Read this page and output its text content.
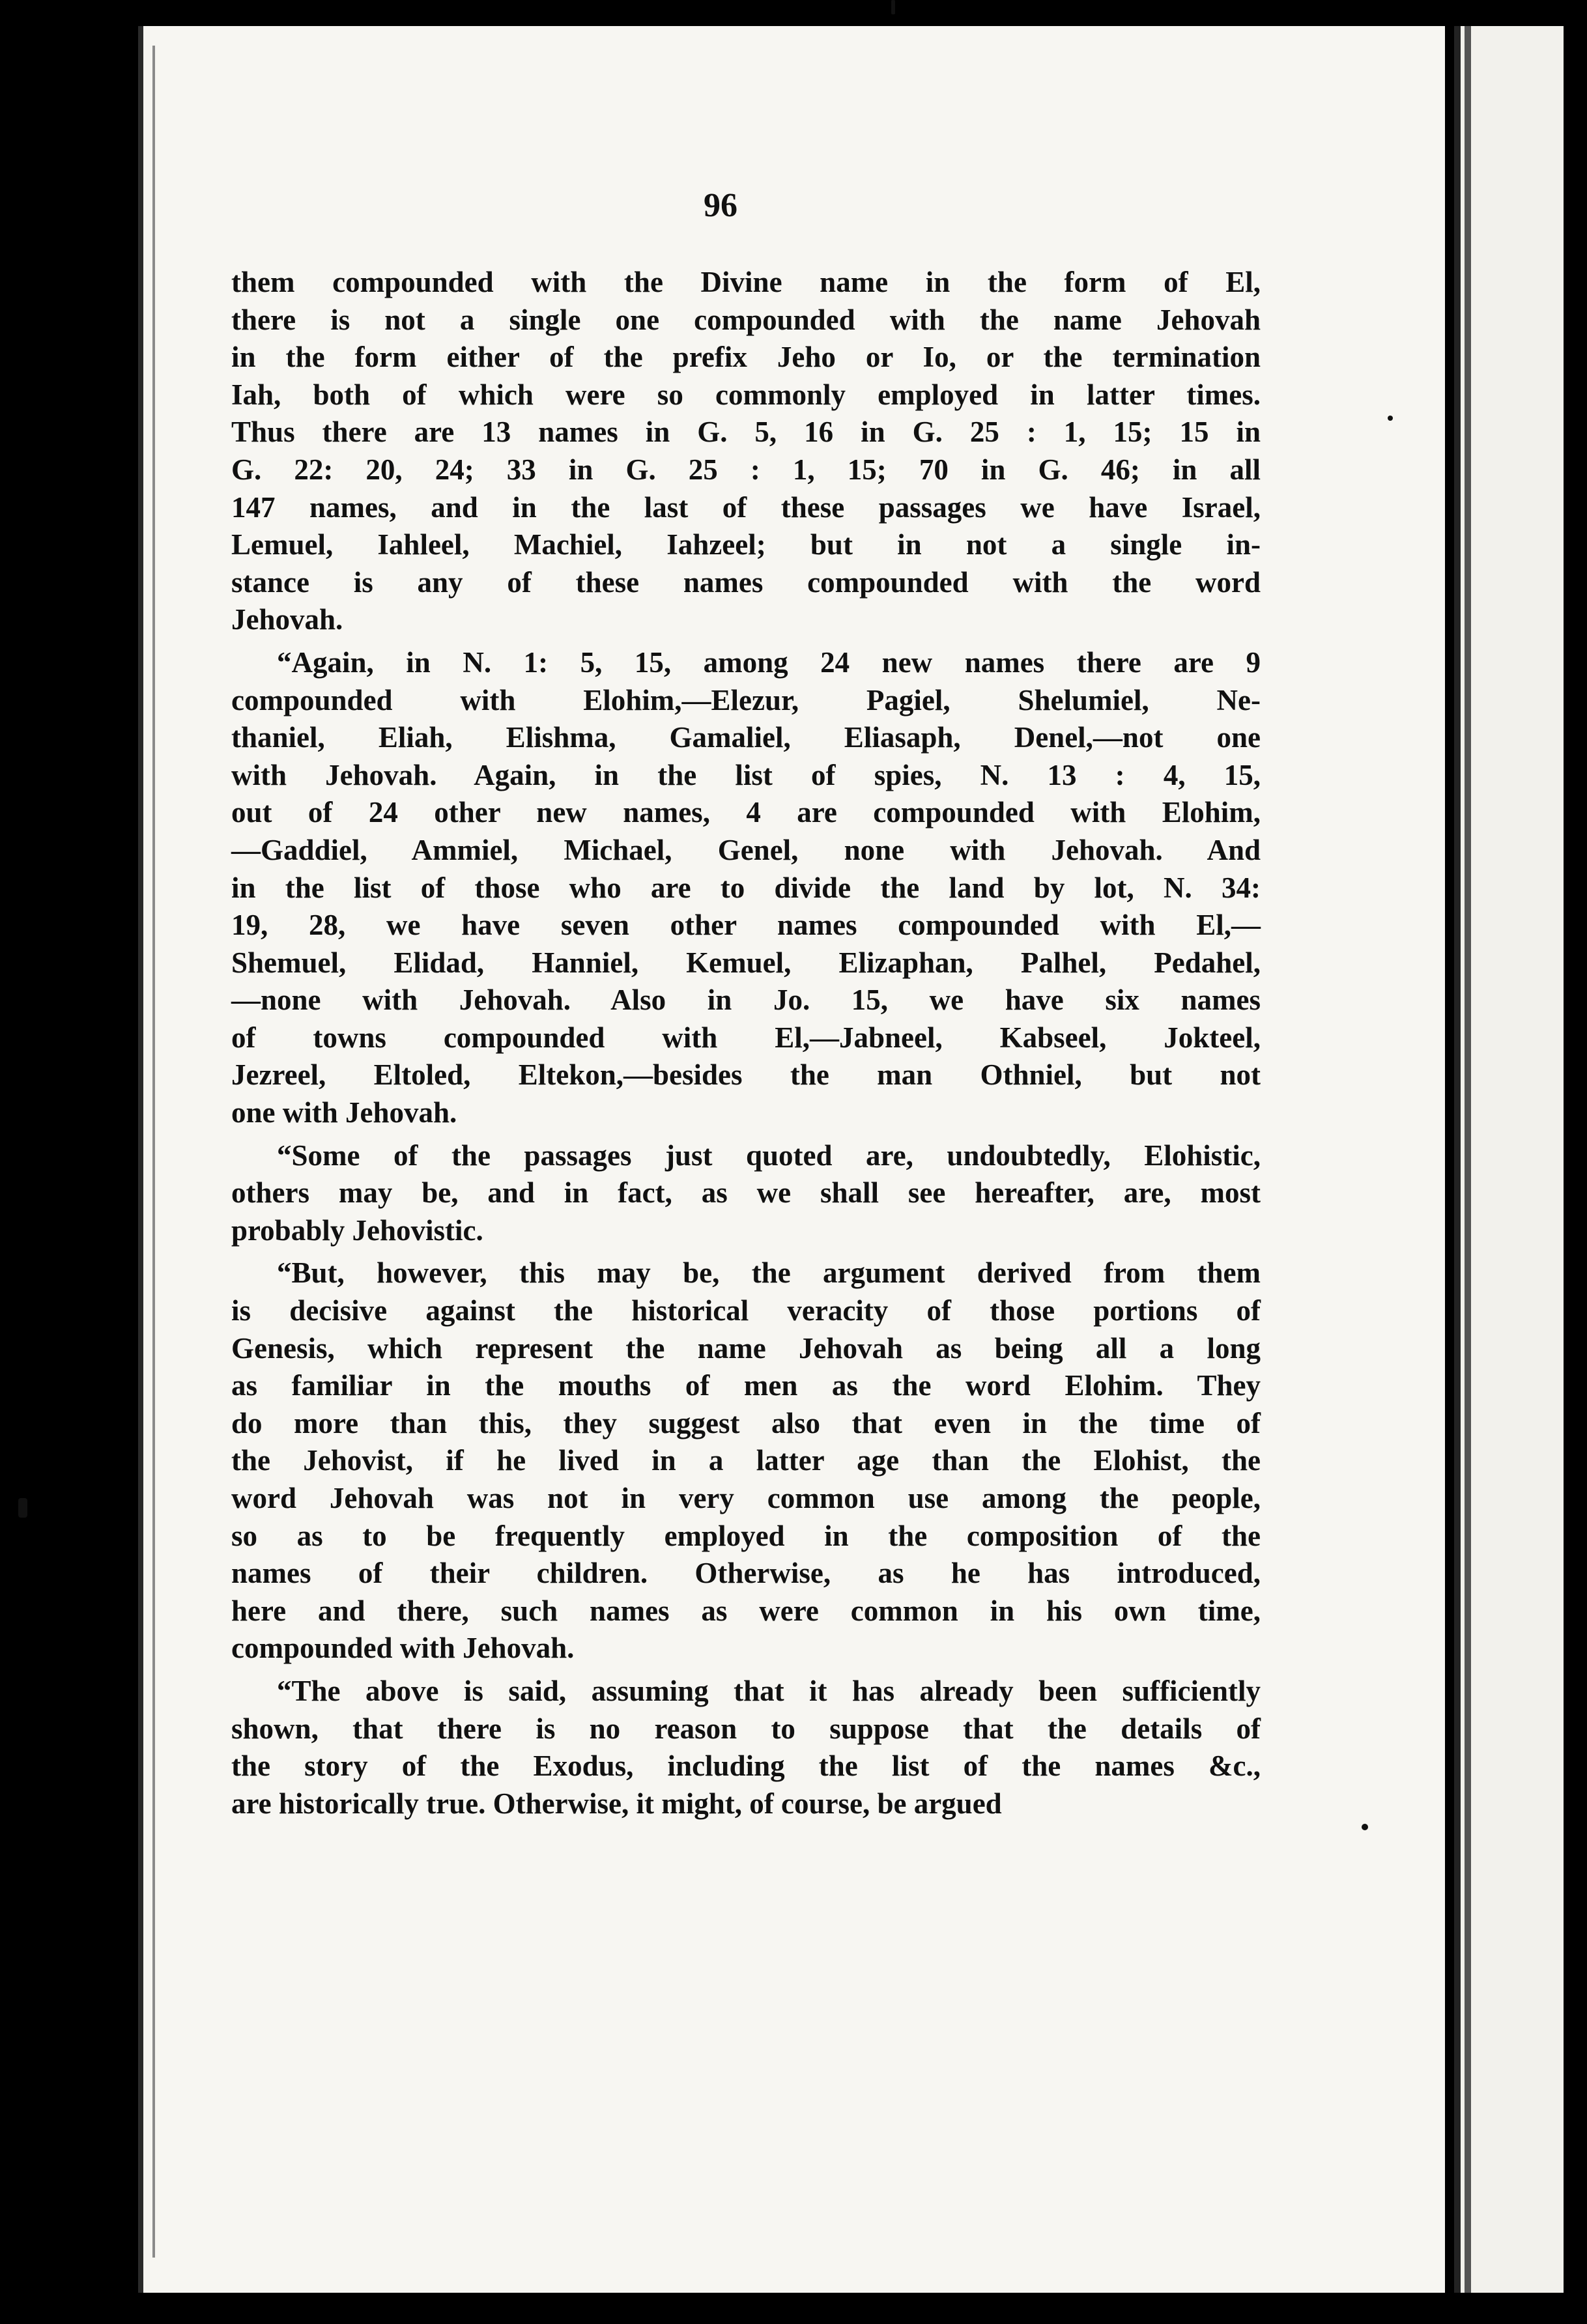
96
them compounded with the Divine name in the form of El,
there is not a single one compounded with the name Jehovah
in the form either of the prefix Jeho or Io, or the termination
Iah, both of which were so commonly employed in latter times.
Thus there are 13 names in G. 5, 16 in G. 25 : 1, 15; 15 in
G. 22: 20, 24; 33 in G. 25 : 1, 15; 70 in G. 46; in all
147 names, and in the last of these passages we have Israel,
Lemuel, Iahleel, Machiel, Iahzeel; but in not a single in-
stance is any of these names compounded with the word
Jehovah.
“Again, in N. 1: 5, 15, among 24 new names there are 9
compounded with Elohim,—Elezur, Pagiel, Shelumiel, Ne-
thaniel, Eliah, Elishma, Gamaliel, Eliasaph, Denel,—not one
with Jehovah. Again, in the list of spies, N. 13 : 4, 15,
out of 24 other new names, 4 are compounded with Elohim,
—Gaddiel, Ammiel, Michael, Genel, none with Jehovah. And
in the list of those who are to divide the land by lot, N. 34:
19, 28, we have seven other names compounded with El,—
Shemuel, Elidad, Hanniel, Kemuel, Elizaphan, Palhel, Pedahel,
—none with Jehovah. Also in Jo. 15, we have six names
of towns compounded with El,—Jabneel, Kabseel, Jokteel,
Jezreel, Eltoled, Eltekon,—besides the man Othniel, but not
one with Jehovah.
“Some of the passages just quoted are, undoubtedly, Elohistic,
others may be, and in fact, as we shall see hereafter, are, most
probably Jehovistic.
“But, however, this may be, the argument derived from them
is decisive against the historical veracity of those portions of
Genesis, which represent the name Jehovah as being all a long
as familiar in the mouths of men as the word Elohim. They
do more than this, they suggest also that even in the time of
the Jehovist, if he lived in a latter age than the Elohist, the
word Jehovah was not in very common use among the people,
so as to be frequently employed in the composition of the
names of their children. Otherwise, as he has introduced,
here and there, such names as were common in his own time,
compounded with Jehovah.
“The above is said, assuming that it has already been sufficiently
shown, that there is no reason to suppose that the details of
the story of the Exodus, including the list of the names &c.,
are historically true. Otherwise, it might, of course, be argued
